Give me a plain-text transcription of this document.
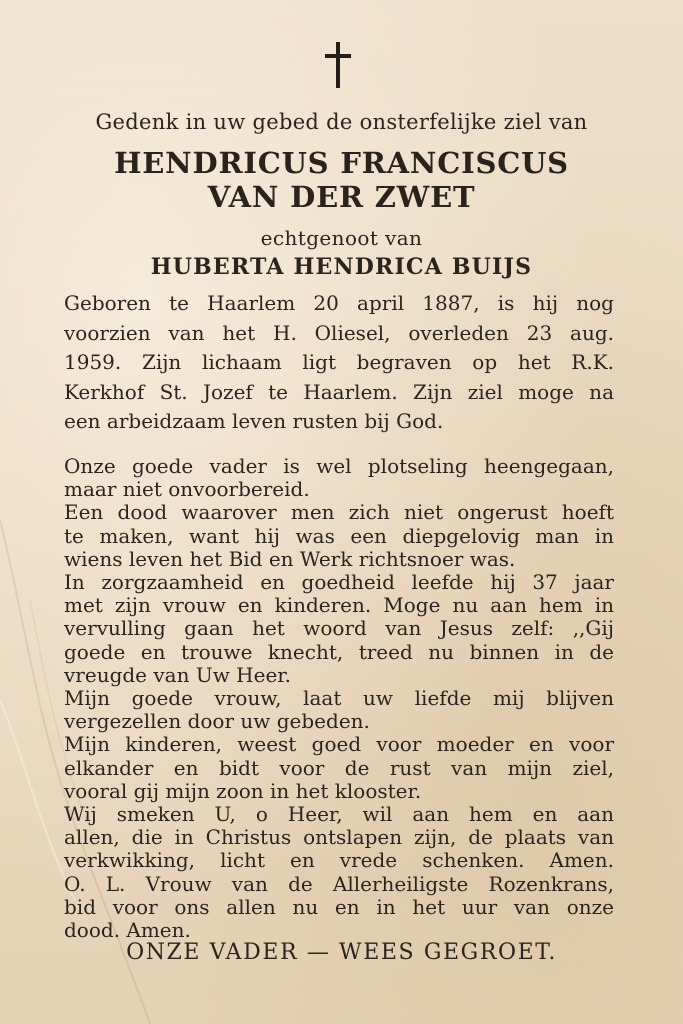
Gedenk in uw gebed de onsterfelijke ziel van
HENDRICUS FRANCISCUS
VAN DER ZWET
echtgenoot van
HUBERTA HENDRICA BUIJS
Geboren te Haarlem 20 april 1887, is hij nog
voorzien van het H. Oliesel, overleden 23 aug.
1959. Zijn lichaam ligt begraven op het R.K.
Kerkhof St. Jozef te Haarlem. Zijn ziel moge na
een arbeidzaam leven rusten bij God.
Onze goede vader is wel plotseling heengegaan,
maar niet onvoorbereid.
Een dood waarover men zich niet ongerust hoeft
te maken, want hij was een diepgelovig man in
wiens leven het Bid en Werk richtsnoer was.
In zorgzaamheid en goedheid leefde hij 37 jaar
met zijn vrouw en kinderen. Moge nu aan hem in
vervulling gaan het woord van Jesus zelf: ,,Gij
goede en trouwe knecht, treed nu binnen in de
vreugde van Uw Heer.
Mijn goede vrouw, laat uw liefde mij blijven
vergezellen door uw gebeden.
Mijn kinderen, weest goed voor moeder en voor
elkander en bidt voor de rust van mijn ziel,
vooral gij mijn zoon in het klooster.
Wij smeken U, o Heer, wil aan hem en aan
allen, die in Christus ontslapen zijn, de plaats van
verkwikking, licht en vrede schenken. Amen.
O. L. Vrouw van de Allerheiligste Rozenkrans,
bid voor ons allen nu en in het uur van onze
dood. Amen.
ONZE VADER — WEES GEGROET.
